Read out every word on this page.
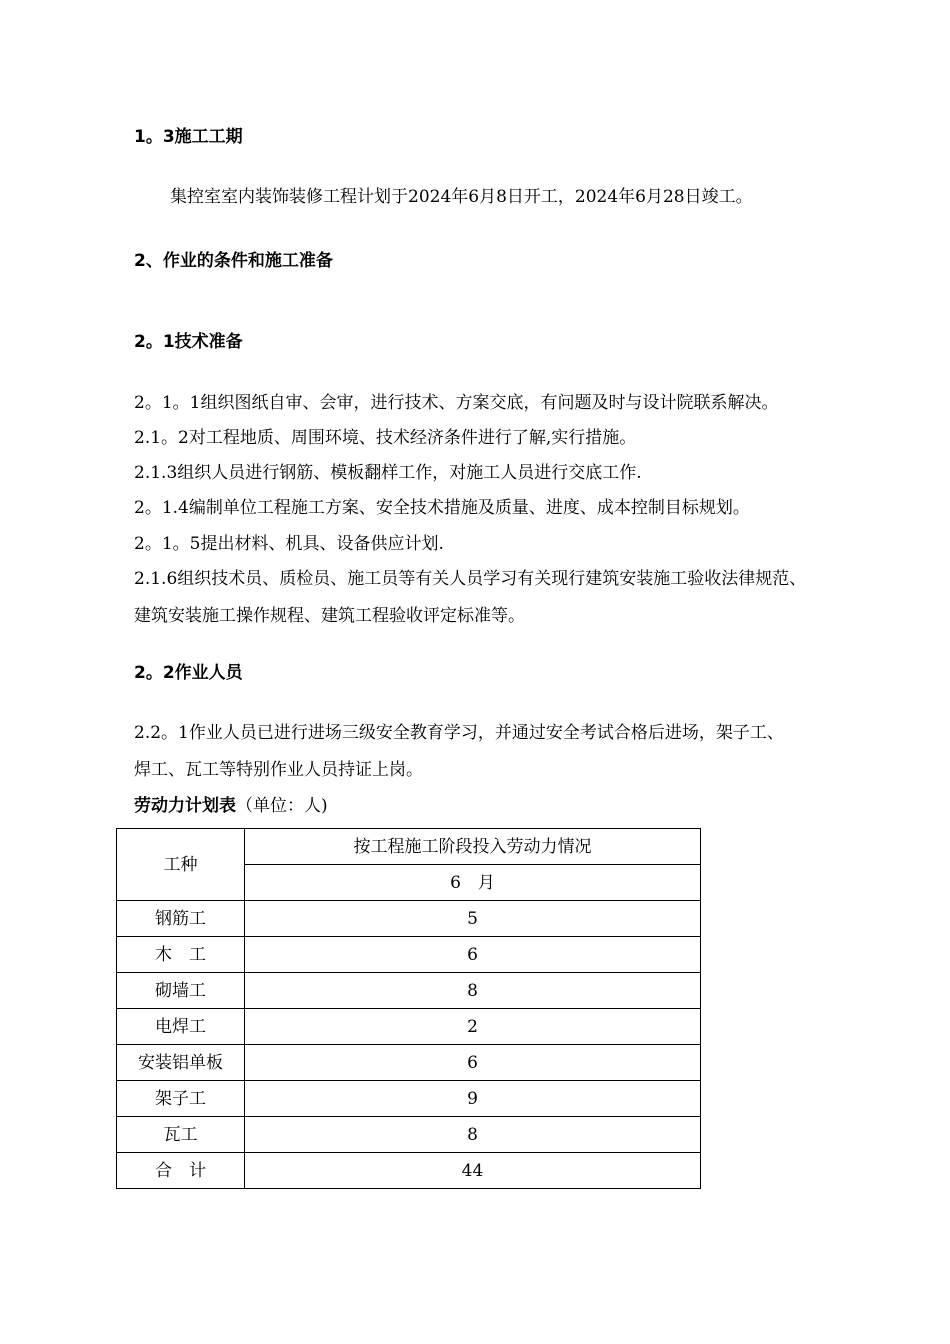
1。3施工工期
集控室室内装饰装修工程计划于2024年6月8日开工，2024年6月28日竣工。
2、作业的条件和施工准备
2。1技术准备
2。1。1组织图纸自审、会审，进行技术、方案交底，有问题及时与设计院联系解决。
2.1。2对工程地质、周围环境、技术经济条件进行了解,实行措施。
2.1.3组织人员进行钢筋、模板翻样工作，对施工人员进行交底工作.
2。1.4编制单位工程施工方案、安全技术措施及质量、进度、成本控制目标规划。
2。1。5提出材料、机具、设备供应计划.
2.1.6组织技术员、质检员、施工员等有关人员学习有关现行建筑安装施工验收法律规范、
建筑安装施工操作规程、建筑工程验收评定标准等。
2。2作业人员
2.2。1作业人员已进行进场三级安全教育学习，并通过安全考试合格后进场，架子工、
焊工、瓦工等特别作业人员持证上岗。
劳动力计划表（单位：人)
工种	按工程施工阶段投入劳动力情况
	6　月
钢筋工	5
木　工	6
砌墙工	8
电焊工	2
安装铝单板	6
架子工	9
瓦工	8
合　计	44
